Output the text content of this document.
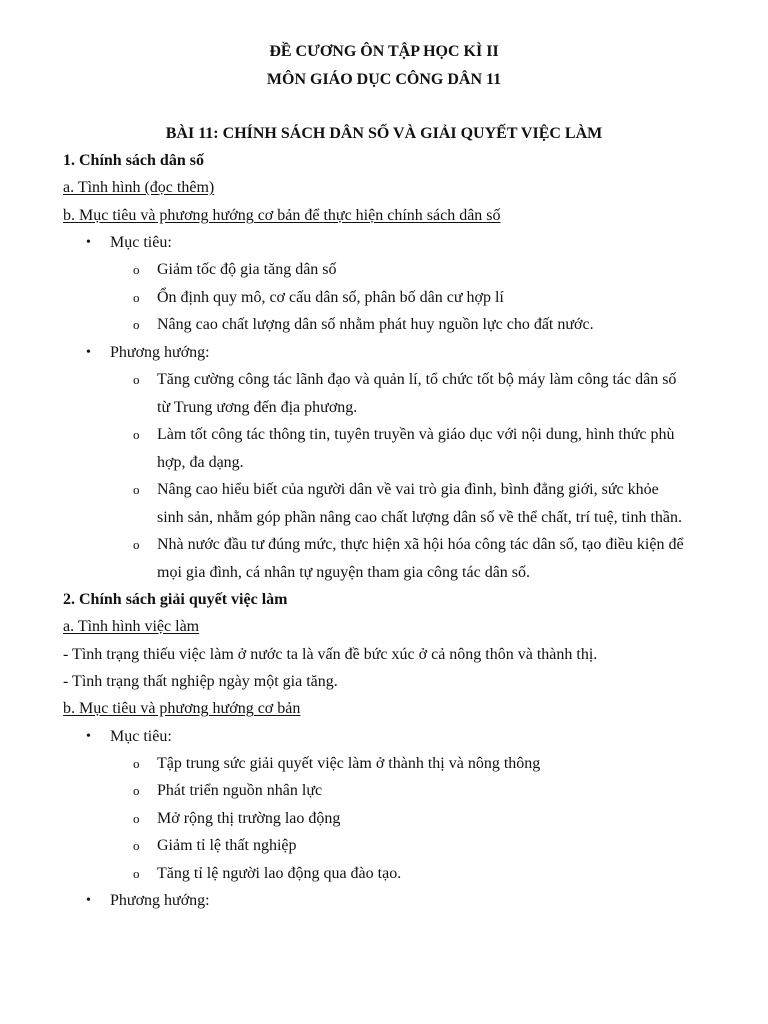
ĐỀ CƯƠNG ÔN TẬP HỌC KÌ II
MÔN GIÁO DỤC CÔNG DÂN 11
BÀI 11: CHÍNH SÁCH DÂN SỐ VÀ GIẢI QUYẾT VIỆC LÀM
1. Chính sách dân số
a. Tình hình (đọc thêm)
b. Mục tiêu và phương hướng cơ bản để thực hiện chính sách dân số
• Mục tiêu:
o Giảm tốc độ gia tăng dân số
o Ổn định quy mô, cơ cấu dân số, phân bố dân cư hợp lí
o Nâng cao chất lượng dân số nhằm phát huy nguồn lực cho đất nước.
• Phương hướng:
o Tăng cường công tác lãnh đạo và quản lí, tổ chức tốt bộ máy làm công tác dân số
từ Trung ương đến địa phương.
o Làm tốt công tác thông tin, tuyên truyền và giáo dục với nội dung, hình thức phù
hợp, đa dạng.
o Nâng cao hiểu biết của người dân về vai trò gia đình, bình đẳng giới, sức khỏe
sinh sản, nhằm góp phần nâng cao chất lượng dân số về thể chất, trí tuệ, tinh thần.
o Nhà nước đầu tư đúng mức, thực hiện xã hội hóa công tác dân số, tạo điều kiện để
mọi gia đình, cá nhân tự nguyện tham gia công tác dân số.
2. Chính sách giải quyết việc làm
a. Tình hình việc làm
- Tình trạng thiếu việc làm ở nước ta là vấn đề bức xúc ở cả nông thôn và thành thị.
- Tình trạng thất nghiệp ngày một gia tăng.
b. Mục tiêu và phương hướng cơ bản
• Mục tiêu:
o Tập trung sức giải quyết việc làm ở thành thị và nông thông
o Phát triển nguồn nhân lực
o Mở rộng thị trường lao động
o Giảm tỉ lệ thất nghiệp
o Tăng tỉ lệ người lao động qua đào tạo.
• Phương hướng:
